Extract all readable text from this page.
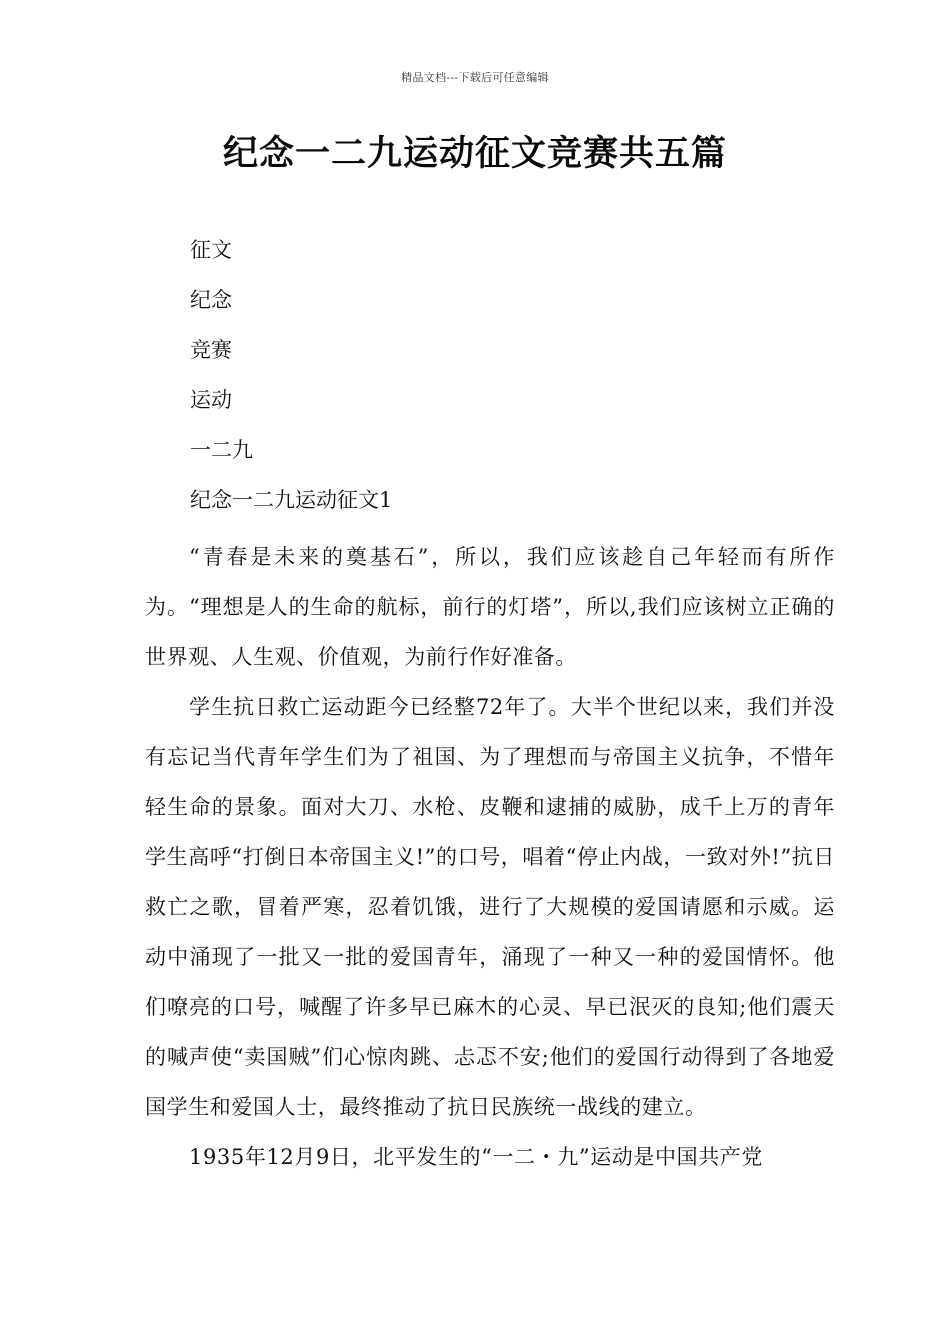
精品文档---下载后可任意编辑
纪念一二九运动征文竞赛共五篇
征文
纪念
竞赛
运动
一二九
纪念一二九运动征文1

“青春是未来的奠基石”，所以，我们应该趁自己年轻而有所作为。“理想是人的生命的航标，前行的灯塔”，所以,我们应该树立正确的世界观、人生观、价值观，为前行作好准备。

学生抗日救亡运动距今已经整72年了。大半个世纪以来，我们并没有忘记当代青年学生们为了祖国、为了理想而与帝国主义抗争，不惜年轻生命的景象。面对大刀、水枪、皮鞭和逮捕的威胁，成千上万的青年学生高呼“打倒日本帝国主义!”的口号，唱着“停止内战，一致对外!”抗日救亡之歌，冒着严寒，忍着饥饿，进行了大规模的爱国请愿和示威。运动中涌现了一批又一批的爱国青年，涌现了一种又一种的爱国情怀。他们嘹亮的口号，喊醒了许多早已麻木的心灵、早已泯灭的良知;他们震天的喊声使“卖国贼”们心惊肉跳、忐忑不安;他们的爱国行动得到了各地爱国学生和爱国人士，最终推动了抗日民族统一战线的建立。

1935年12月9日，北平发生的“一二・九”运动是中国共产党
